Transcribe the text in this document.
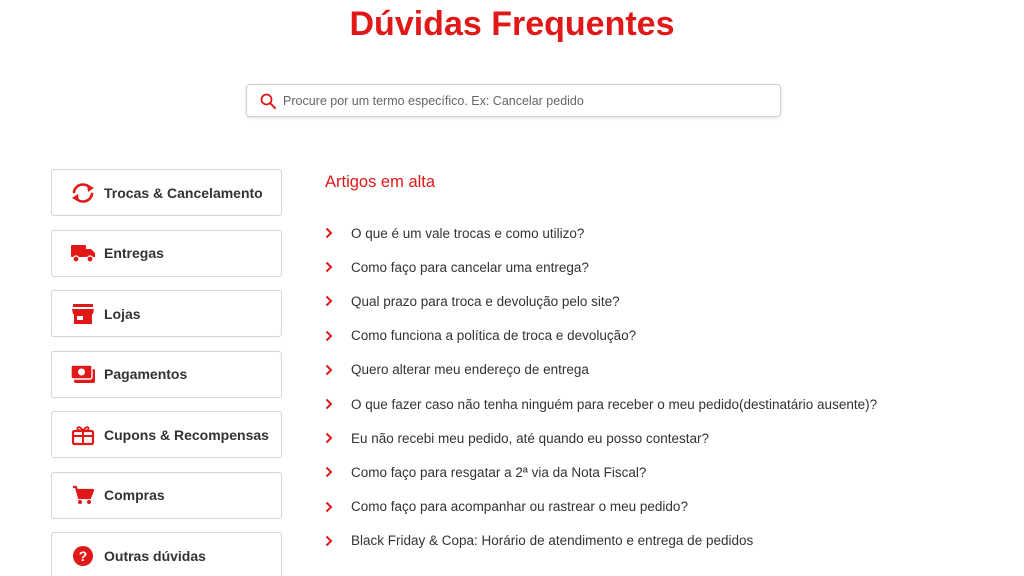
Dúvidas Frequentes
Procure por um termo específico. Ex: Cancelar pedido
Trocas & Cancelamento
Entregas
Lojas
Pagamentos
Cupons & Recompensas
Compras
? Outras dúvidas
Artigos em alta
O que é um vale trocas e como utilizo?
Como faço para cancelar uma entrega?
Qual prazo para troca e devolução pelo site?
Como funciona a política de troca e devolução?
Quero alterar meu endereço de entrega
O que fazer caso não tenha ninguém para receber o meu pedido(destinatário ausente)?
Eu não recebi meu pedido, até quando eu posso contestar?
Como faço para resgatar a 2ª via da Nota Fiscal?
Como faço para acompanhar ou rastrear o meu pedido?
Black Friday & Copa: Horário de atendimento e entrega de pedidos
